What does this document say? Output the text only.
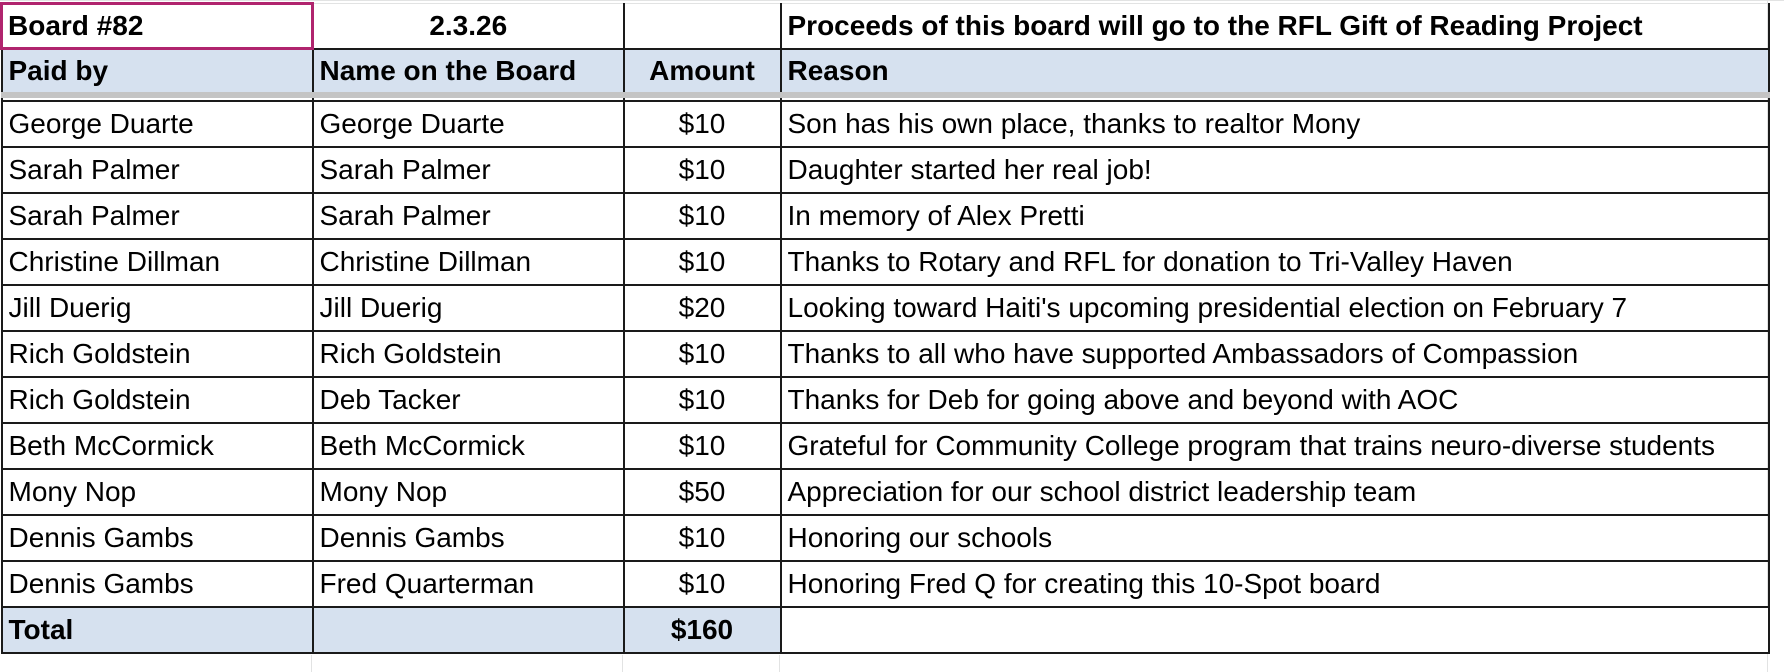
Board #82	2.3.26		Proceeds of this board will go to the RFL Gift of Reading Project
Paid by	Name on the Board	Amount	Reason

George Duarte	George Duarte	$10	Son has his own place, thanks to realtor Mony
Sarah Palmer	Sarah Palmer	$10	Daughter started her real job!
Sarah Palmer	Sarah Palmer	$10	In memory of Alex Pretti
Christine Dillman	Christine Dillman	$10	Thanks to Rotary and RFL for donation to Tri-Valley Haven
Jill Duerig	Jill Duerig	$20	Looking toward Haiti's upcoming presidential election on February 7
Rich Goldstein	Rich Goldstein	$10	Thanks to all who have supported Ambassadors of Compassion
Rich Goldstein	Deb Tacker	$10	Thanks for Deb for going above and beyond with AOC
Beth McCormick	Beth McCormick	$10	Grateful for Community College program that trains neuro-diverse students
Mony Nop	Mony Nop	$50	Appreciation for our school district leadership team
Dennis Gambs	Dennis Gambs	$10	Honoring our schools
Dennis Gambs	Fred Quarterman	$10	Honoring Fred Q for creating this 10-Spot board
Total		$160	
